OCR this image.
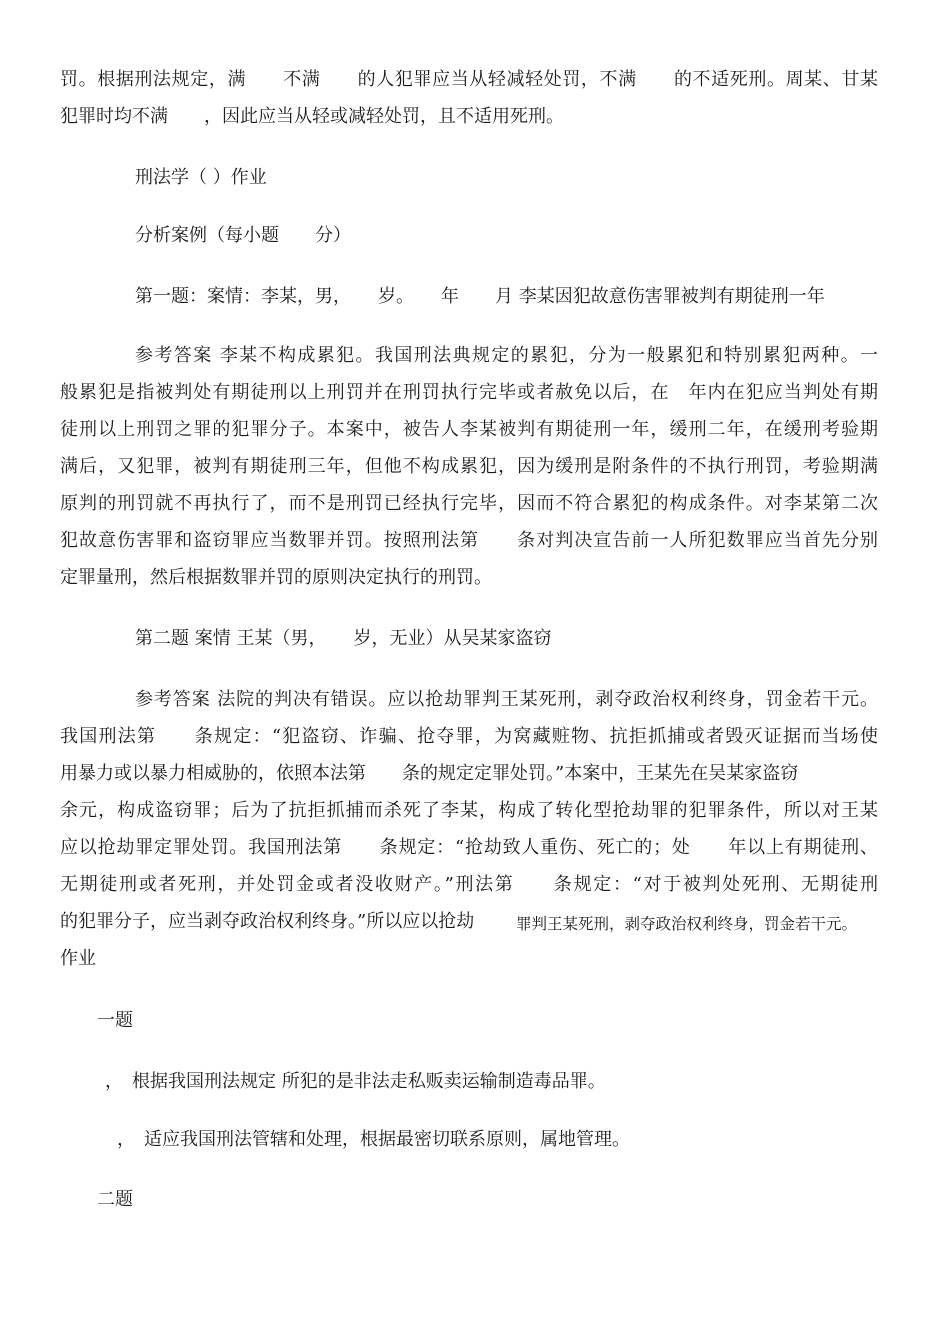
罚。根据刑法规定，满　　不满　　的人犯罪应当从轻减轻处罚，不满　　的不适死刑。周某、甘某
犯罪时均不满　　，因此应当从轻或减轻处罚，且不适用死刑。
刑法学（ ）作业
分析案例（每小题　　分）
第一题：案情：李某，男，　　岁。　　年　　月 李某因犯故意伤害罪被判有期徒刑一年
参考答案 李某不构成累犯。我国刑法典规定的累犯，分为一般累犯和特别累犯两种。一
般累犯是指被判处有期徒刑以上刑罚并在刑罚执行完毕或者赦免以后，在　年内在犯应当判处有期
徒刑以上刑罚之罪的犯罪分子。本案中，被告人李某被判有期徒刑一年，缓刑二年，在缓刑考验期
满后，又犯罪，被判有期徒刑三年，但他不构成累犯，因为缓刑是附条件的不执行刑罚，考验期满
原判的刑罚就不再执行了，而不是刑罚已经执行完毕，因而不符合累犯的构成条件。对李某第二次
犯故意伤害罪和盗窃罪应当数罪并罚。按照刑法第　　条对判决宣告前一人所犯数罪应当首先分别
定罪量刑，然后根据数罪并罚的原则决定执行的刑罚。
第二题 案情 王某（男，　　岁，无业）从吴某家盗窃
参考答案 法院的判决有错误。应以抢劫罪判王某死刑，剥夺政治权利终身，罚金若干元。
我国刑法第　　条规定：“犯盗窃、诈骗、抢夺罪，为窝藏赃物、抗拒抓捕或者毁灭证据而当场使
用暴力或以暴力相威胁的，依照本法第　　条的规定定罪处罚。”本案中，王某先在吴某家盗窃
余元，构成盗窃罪；后为了抗拒抓捕而杀死了李某，构成了转化型抢劫罪的犯罪条件，所以对王某
应以抢劫罪定罪处罚。我国刑法第　　条规定：“抢劫致人重伤、死亡的；处　　年以上有期徒刑、
无期徒刑或者死刑，并处罚金或者没收财产。”刑法第　　条规定：“对于被判处死刑、无期徒刑
的犯罪分子，应当剥夺政治权利终身。”所以应以抢劫	罪判王某死刑，剥夺政治权利终身，罚金若干元。
作业
一题
，　根据我国刑法规定 所犯的是非法走私贩卖运输制造毒品罪。
，　适应我国刑法管辖和处理，根据最密切联系原则，属地管理。
二题
